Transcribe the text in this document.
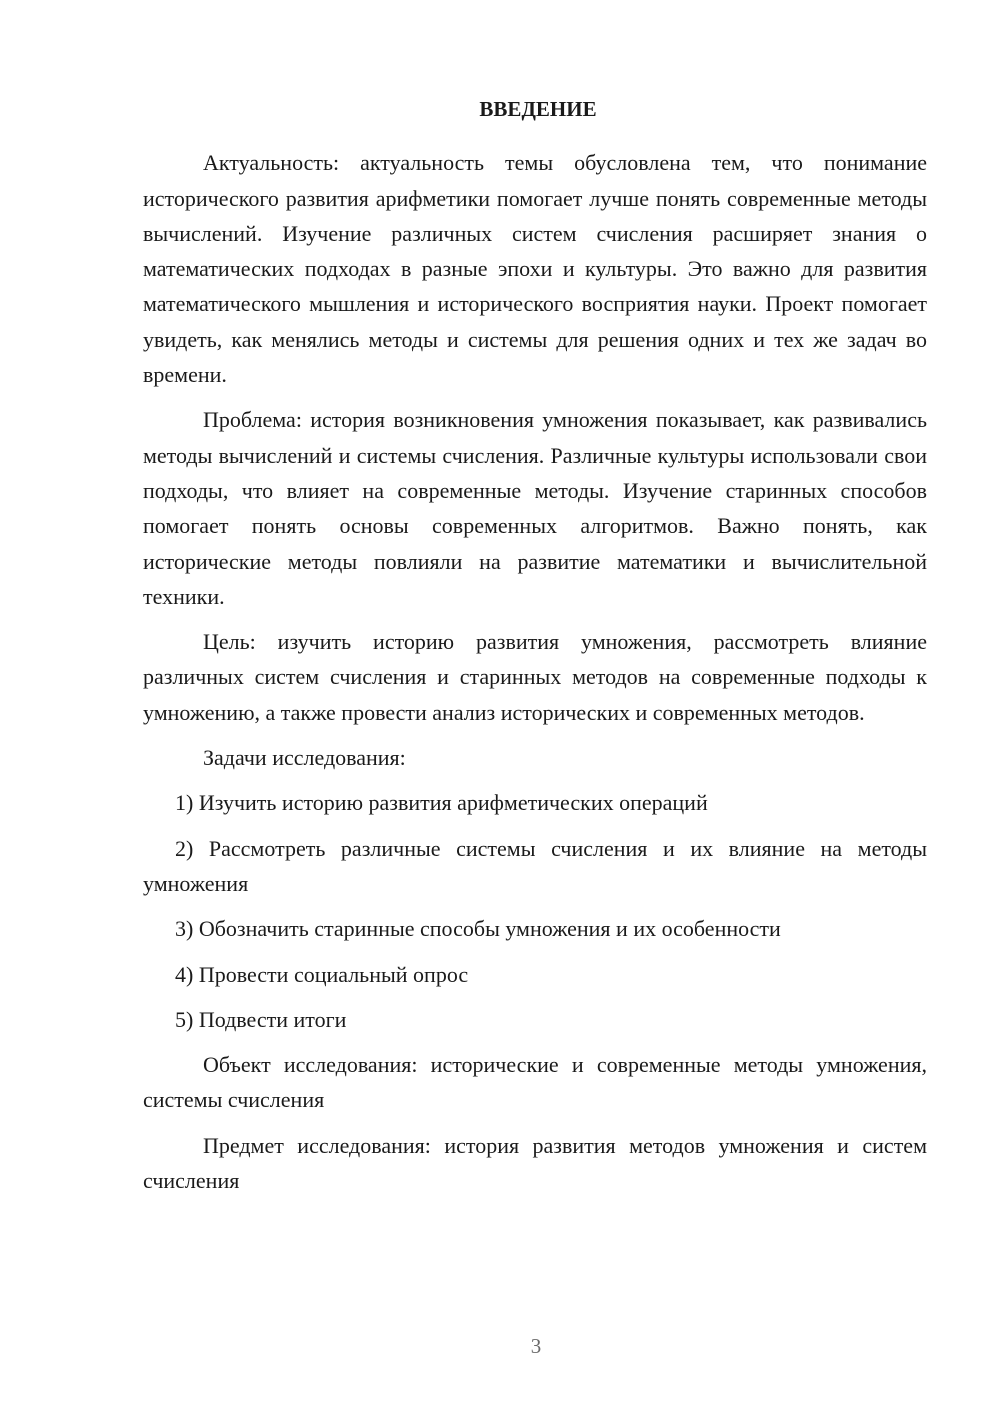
ВВЕДЕНИЕ

Актуальность: актуальность темы обусловлена тем, что понимание исторического развития арифметики помогает лучше понять современные методы вычислений. Изучение различных систем счисления расширяет знания о математических подходах в разные эпохи и культуры. Это важно для развития математического мышления и исторического восприятия науки. Проект помогает увидеть, как менялись методы и системы для решения одних и тех же задач во времени.

Проблема: история возникновения умножения показывает, как развивались методы вычислений и системы счисления. Различные культуры использовали свои подходы, что влияет на современные методы. Изучение старинных способов помогает понять основы современных алгоритмов. Важно понять, как исторические методы повлияли на развитие математики и вычислительной техники.

Цель: изучить историю развития умножения, рассмотреть влияние различных систем счисления и старинных методов на современные подходы к умножению, а также провести анализ исторических и современных методов.

Задачи исследования:

1) Изучить историю развития арифметических операций

2) Рассмотреть различные системы счисления и их влияние на методы умножения

3) Обозначить старинные способы умножения и их особенности

4) Провести социальный опрос

5) Подвести итоги

Объект исследования: исторические и современные методы умножения, системы счисления

Предмет исследования: история развития методов умножения и систем счисления

3
